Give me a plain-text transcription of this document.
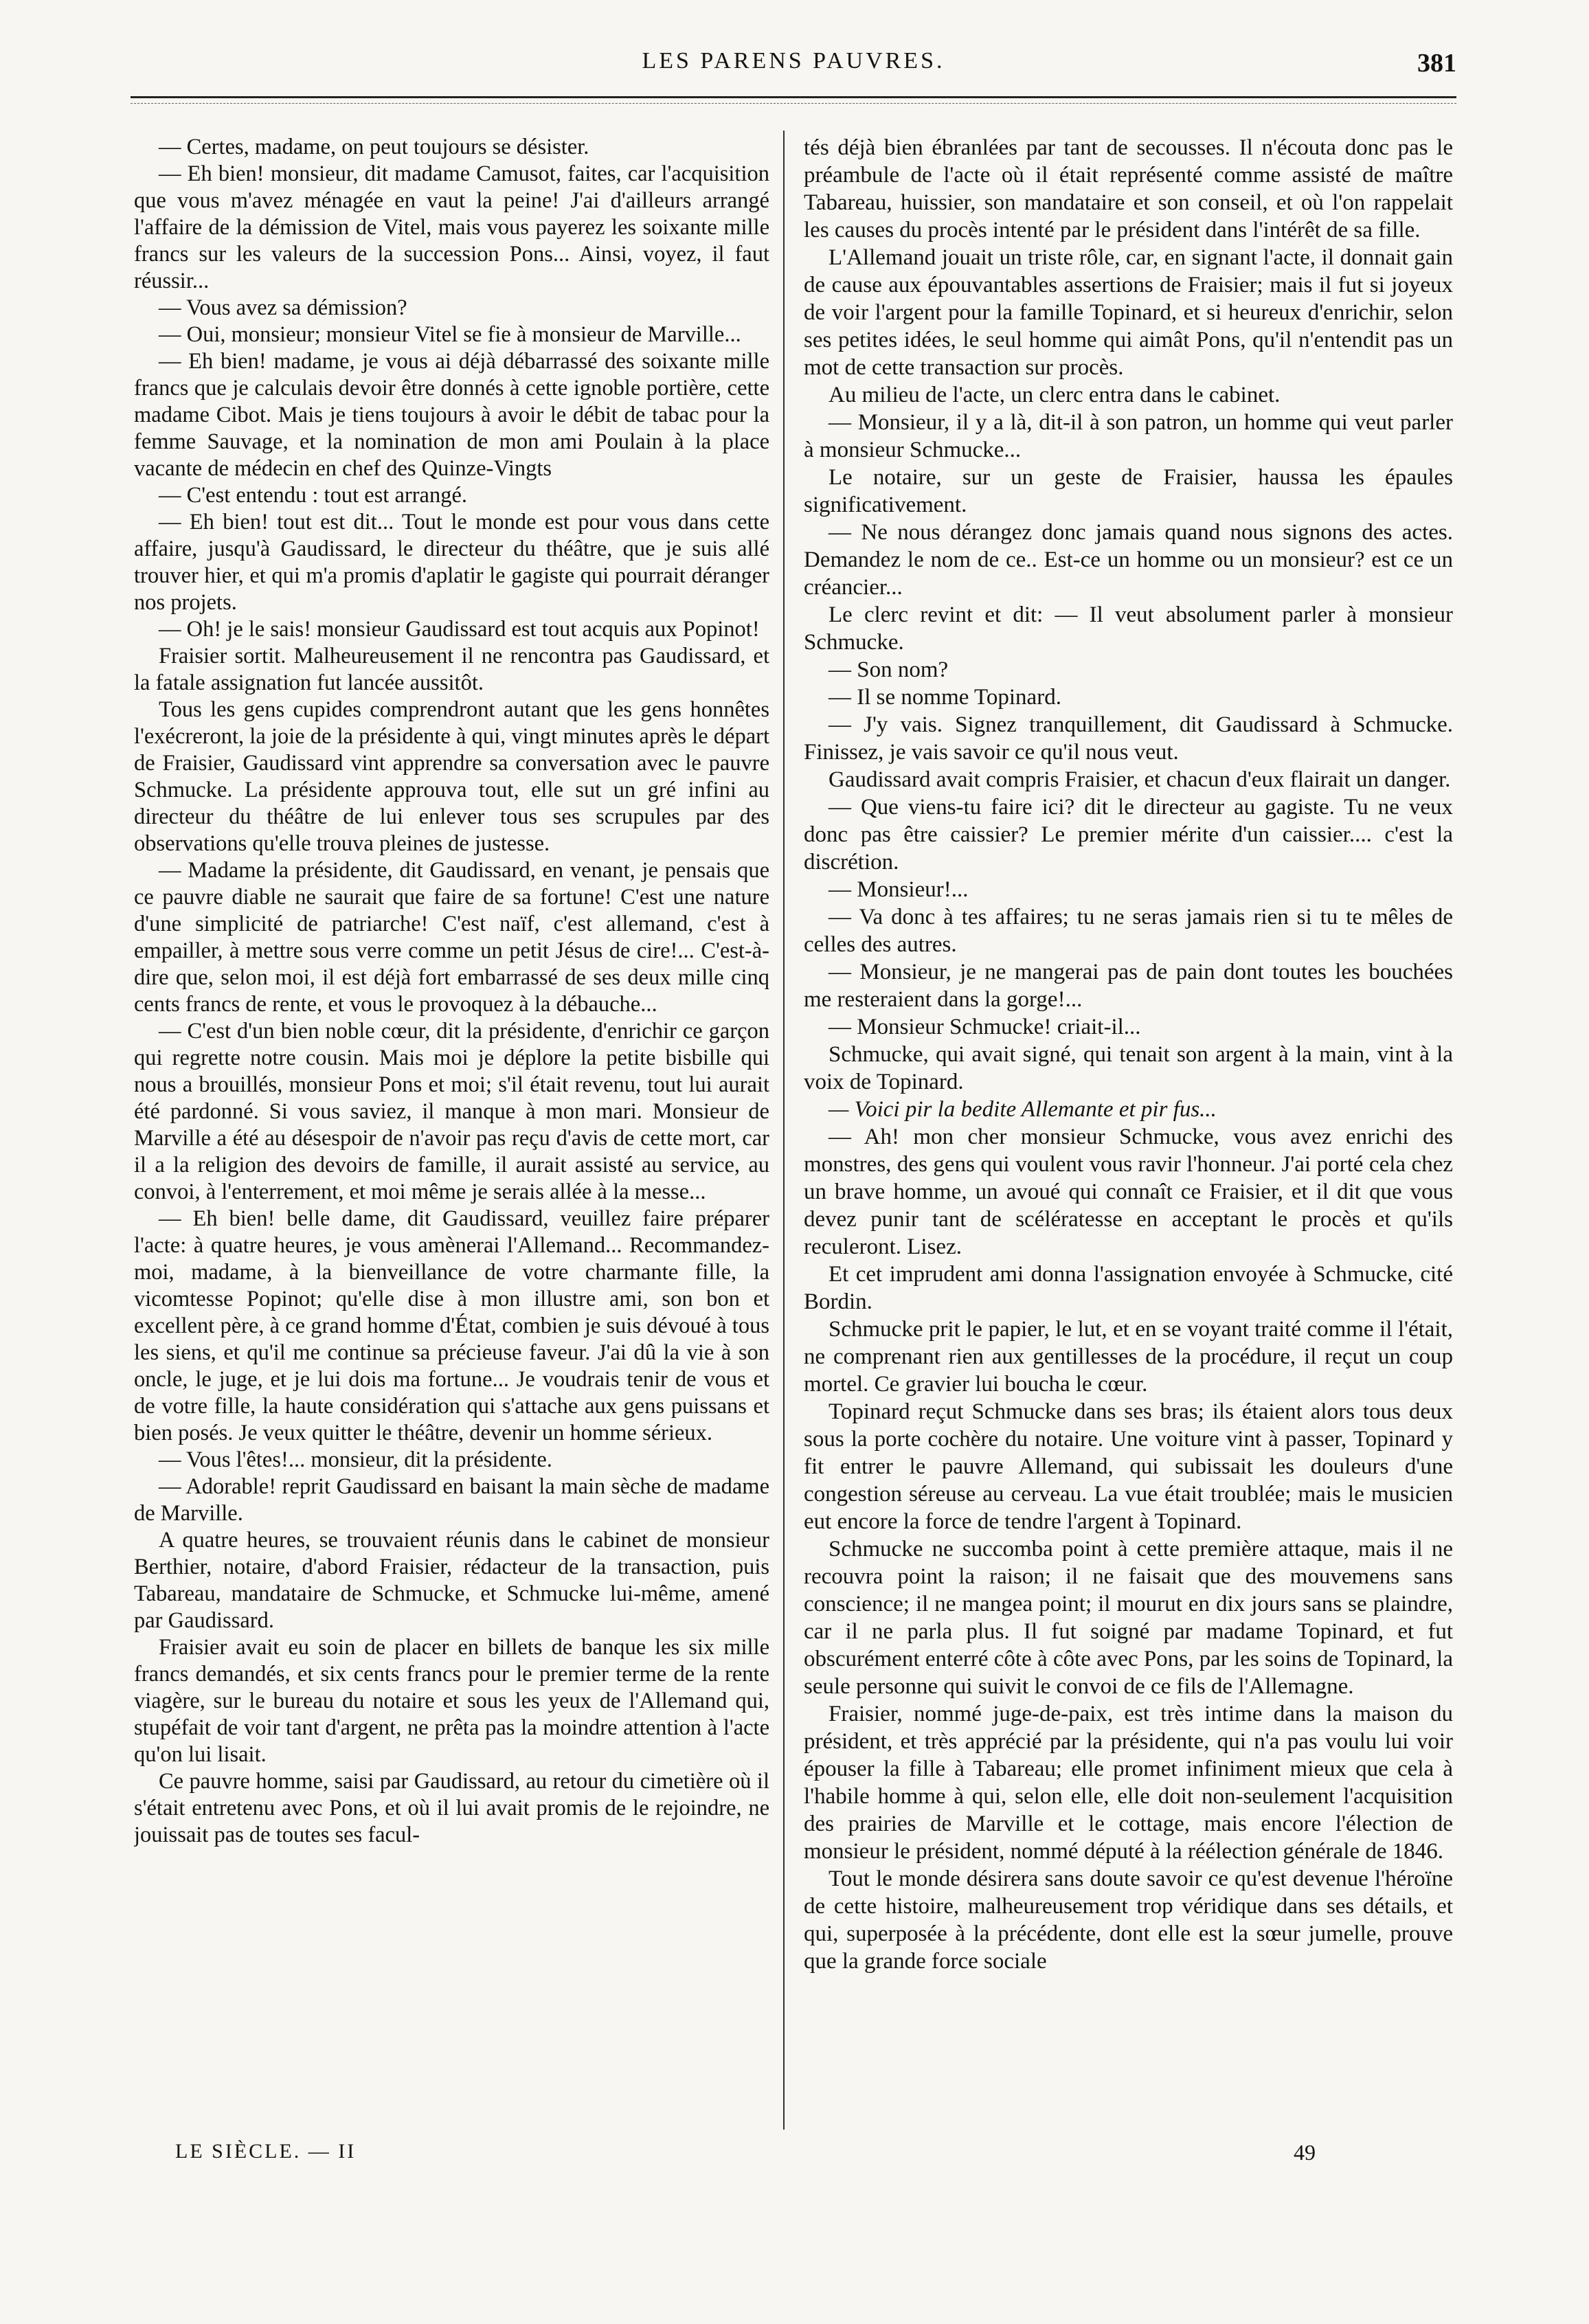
LES PARENS PAUVRES.	381

— Certes, madame, on peut toujours se désister.

— Eh bien! monsieur, dit madame Camusot, faites, car l'acquisition que vous m'avez ménagée en vaut la peine! J'ai d'ailleurs arrangé l'affaire de la démission de Vitel, mais vous payerez les soixante mille francs sur les valeurs de la succession Pons... Ainsi, voyez, il faut réussir...

— Vous avez sa démission?

— Oui, monsieur; monsieur Vitel se fie à monsieur de Marville...

— Eh bien! madame, je vous ai déjà débarrassé des soixante mille francs que je calculais devoir être donnés à cette ignoble portière, cette madame Cibot. Mais je tiens toujours à avoir le débit de tabac pour la femme Sauvage, et la nomination de mon ami Poulain à la place vacante de médecin en chef des Quinze-Vingts

— C'est entendu : tout est arrangé.

— Eh bien! tout est dit... Tout le monde est pour vous dans cette affaire, jusqu'à Gaudissard, le directeur du théâtre, que je suis allé trouver hier, et qui m'a promis d'aplatir le gagiste qui pourrait déranger nos projets.

— Oh! je le sais! monsieur Gaudissard est tout acquis aux Popinot!

Fraisier sortit. Malheureusement il ne rencontra pas Gaudissard, et la fatale assignation fut lancée aussitôt.

Tous les gens cupides comprendront autant que les gens honnêtes l'exécreront, la joie de la présidente à qui, vingt minutes après le départ de Fraisier, Gaudissard vint apprendre sa conversation avec le pauvre Schmucke. La présidente approuva tout, elle sut un gré infini au directeur du théâtre de lui enlever tous ses scrupules par des observations qu'elle trouva pleines de justesse.

— Madame la présidente, dit Gaudissard, en venant, je pensais que ce pauvre diable ne saurait que faire de sa fortune! C'est une nature d'une simplicité de patriarche! C'est naïf, c'est allemand, c'est à empailler, à mettre sous verre comme un petit Jésus de cire!... C'est-à-dire que, selon moi, il est déjà fort embarrassé de ses deux mille cinq cents francs de rente, et vous le provoquez à la débauche...

— C'est d'un bien noble cœur, dit la présidente, d'enrichir ce garçon qui regrette notre cousin. Mais moi je déplore la petite bisbille qui nous a brouillés, monsieur Pons et moi; s'il était revenu, tout lui aurait été pardonné. Si vous saviez, il manque à mon mari. Monsieur de Marville a été au désespoir de n'avoir pas reçu d'avis de cette mort, car il a la religion des devoirs de famille, il aurait assisté au service, au convoi, à l'enterrement, et moi même je serais allée à la messe...

— Eh bien! belle dame, dit Gaudissard, veuillez faire préparer l'acte: à quatre heures, je vous amènerai l'Allemand... Recommandez-moi, madame, à la bienveillance de votre charmante fille, la vicomtesse Popinot; qu'elle dise à mon illustre ami, son bon et excellent père, à ce grand homme d'État, combien je suis dévoué à tous les siens, et qu'il me continue sa précieuse faveur. J'ai dû la vie à son oncle, le juge, et je lui dois ma fortune... Je voudrais tenir de vous et de votre fille, la haute considération qui s'attache aux gens puissans et bien posés. Je veux quitter le théâtre, devenir un homme sérieux.

— Vous l'êtes!... monsieur, dit la présidente.

— Adorable! reprit Gaudissard en baisant la main sèche de madame de Marville.

A quatre heures, se trouvaient réunis dans le cabinet de monsieur Berthier, notaire, d'abord Fraisier, rédacteur de la transaction, puis Tabareau, mandataire de Schmucke, et Schmucke lui-même, amené par Gaudissard.

Fraisier avait eu soin de placer en billets de banque les six mille francs demandés, et six cents francs pour le premier terme de la rente viagère, sur le bureau du notaire et sous les yeux de l'Allemand qui, stupéfait de voir tant d'argent, ne prêta pas la moindre attention à l'acte qu'on lui lisait.

Ce pauvre homme, saisi par Gaudissard, au retour du cimetière où il s'était entretenu avec Pons, et où il lui avait promis de le rejoindre, ne jouissait pas de toutes ses facul-

tés déjà bien ébranlées par tant de secousses. Il n'écouta donc pas le préambule de l'acte où il était représenté comme assisté de maître Tabareau, huissier, son mandataire et son conseil, et où l'on rappelait les causes du procès intenté par le président dans l'intérêt de sa fille.

L'Allemand jouait un triste rôle, car, en signant l'acte, il donnait gain de cause aux épouvantables assertions de Fraisier; mais il fut si joyeux de voir l'argent pour la famille Topinard, et si heureux d'enrichir, selon ses petites idées, le seul homme qui aimât Pons, qu'il n'entendit pas un mot de cette transaction sur procès.

Au milieu de l'acte, un clerc entra dans le cabinet.

— Monsieur, il y a là, dit-il à son patron, un homme qui veut parler à monsieur Schmucke...

Le notaire, sur un geste de Fraisier, haussa les épaules significativement.

— Ne nous dérangez donc jamais quand nous signons des actes. Demandez le nom de ce.. Est-ce un homme ou un monsieur? est ce un créancier...

Le clerc revint et dit: — Il veut absolument parler à monsieur Schmucke.

— Son nom?

— Il se nomme Topinard.

— J'y vais. Signez tranquillement, dit Gaudissard à Schmucke. Finissez, je vais savoir ce qu'il nous veut.

Gaudissard avait compris Fraisier, et chacun d'eux flairait un danger.

— Que viens-tu faire ici? dit le directeur au gagiste. Tu ne veux donc pas être caissier? Le premier mérite d'un caissier.... c'est la discrétion.

— Monsieur!...

— Va donc à tes affaires; tu ne seras jamais rien si tu te mêles de celles des autres.

— Monsieur, je ne mangerai pas de pain dont toutes les bouchées me resteraient dans la gorge!...

— Monsieur Schmucke! criait-il...

Schmucke, qui avait signé, qui tenait son argent à la main, vint à la voix de Topinard.

— Voici pir la bedite Allemante et pir fus...

— Ah! mon cher monsieur Schmucke, vous avez enrichi des monstres, des gens qui voulent vous ravir l'honneur. J'ai porté cela chez un brave homme, un avoué qui connaît ce Fraisier, et il dit que vous devez punir tant de scélératesse en acceptant le procès et qu'ils reculeront. Lisez.

Et cet imprudent ami donna l'assignation envoyée à Schmucke, cité Bordin.

Schmucke prit le papier, le lut, et en se voyant traité comme il l'était, ne comprenant rien aux gentillesses de la procédure, il reçut un coup mortel. Ce gravier lui boucha le cœur.

Topinard reçut Schmucke dans ses bras; ils étaient alors tous deux sous la porte cochère du notaire. Une voiture vint à passer, Topinard y fit entrer le pauvre Allemand, qui subissait les douleurs d'une congestion séreuse au cerveau. La vue était troublée; mais le musicien eut encore la force de tendre l'argent à Topinard.

Schmucke ne succomba point à cette première attaque, mais il ne recouvra point la raison; il ne faisait que des mouvemens sans conscience; il ne mangea point; il mourut en dix jours sans se plaindre, car il ne parla plus. Il fut soigné par madame Topinard, et fut obscurément enterré côte à côte avec Pons, par les soins de Topinard, la seule personne qui suivit le convoi de ce fils de l'Allemagne.

Fraisier, nommé juge-de-paix, est très intime dans la maison du président, et très apprécié par la présidente, qui n'a pas voulu lui voir épouser la fille à Tabareau; elle promet infiniment mieux que cela à l'habile homme à qui, selon elle, elle doit non-seulement l'acquisition des prairies de Marville et le cottage, mais encore l'élection de monsieur le président, nommé député à la réélection générale de 1846.

Tout le monde désirera sans doute savoir ce qu'est devenue l'héroïne de cette histoire, malheureusement trop véridique dans ses détails, et qui, superposée à la précédente, dont elle est la sœur jumelle, prouve que la grande force sociale

LE SIÈCLE. — II	49
